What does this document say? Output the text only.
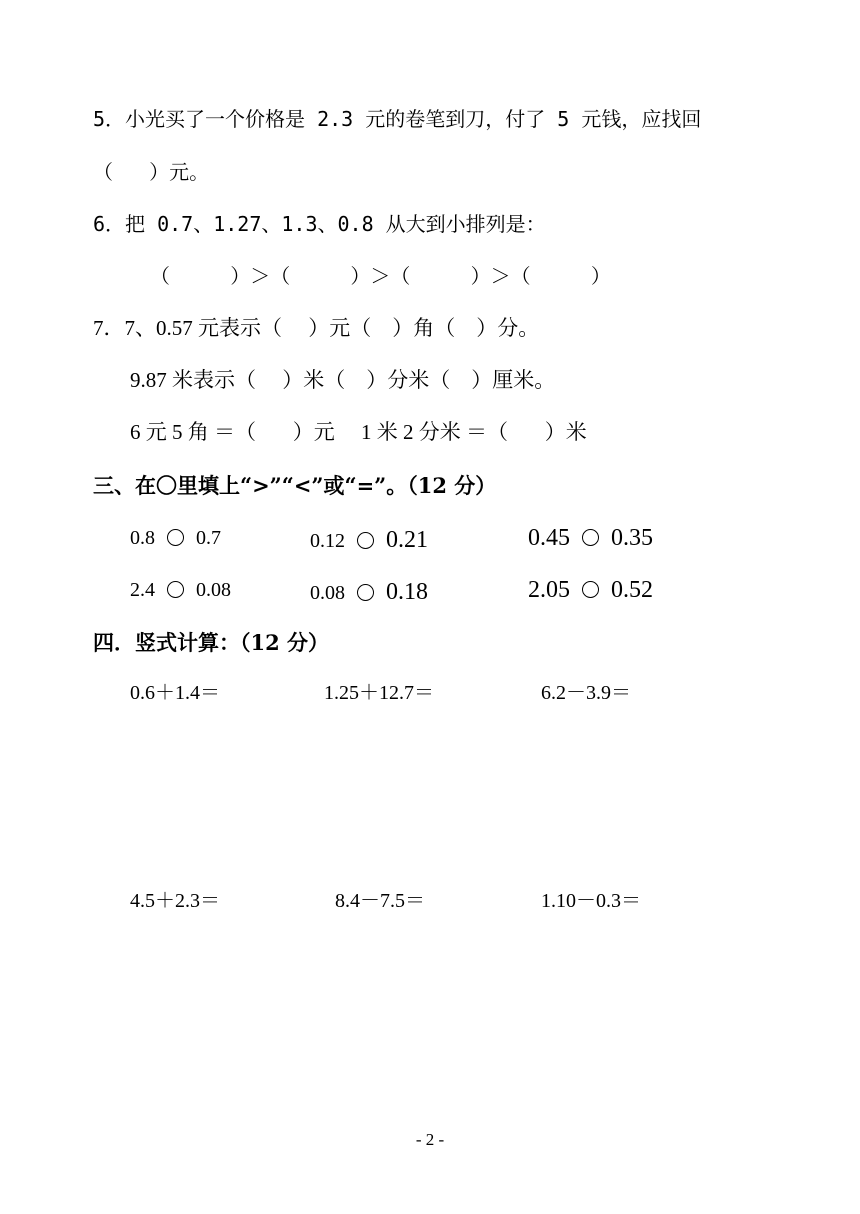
5．小光买了一个价格是 2.3 元的卷笔到刀，付了 5 元钱，应找回
（   ）元。
6．把 0.7、1.27、1.3、0.8 从大到小排列是：
（     ）＞（     ）＞（     ）＞（     ）
7．7、0.57 元表示（     ）元（    ）角（    ）分。
9.87 米表示（     ）米（    ）分米（    ）厘米。
6 元 5 角 ＝（       ）元     1 米 2 分米 ＝（       ）米
三、在〇里填上“>”“<”或“=”。（12 分）
0.8 0.7	0.12 0.21	0.45 0.35
2.4 0.08	0.08 0.18	2.05 0.52
四．竖式计算：（12 分）
0.6＋1.4＝	1.25＋12.7＝	6.2－3.9＝
4.5＋2.3＝	8.4－7.5＝	1.10－0.3＝
- 2 -
